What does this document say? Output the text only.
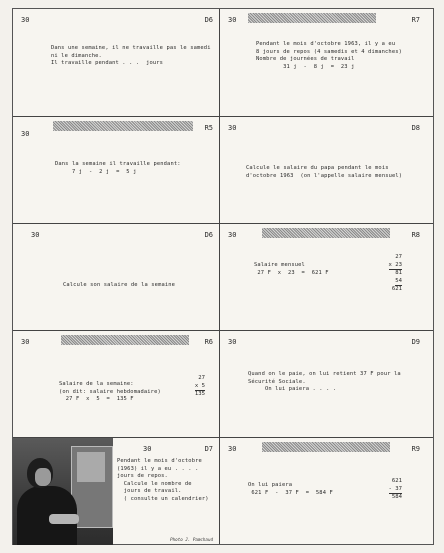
30	D6
Dans une semaine, il ne travaille pas le samedi
ni le dimanche.
Il travaille pendant . . .  jours
30	R7
Pendant le mois d'octobre 1963, il y a eu
8 jours de repos (4 samedis et 4 dimanches)
Nombre de journées de travail
31 j  -  8 j  =  23 j
30
R5
Dans la semaine il travaille pendant:
7 j  -  2 j  =  5 j
30	D8
Calcule le salaire du papa pendant le mois
d'octobre 1963  (on l'appelle salaire mensuel)
30	D6
Calcule son salaire de la semaine
30	R8
Salaire mensuel
27 F  x  23  =  621 F
27
x 23
81
54
621
30	R6
Salaire de la semaine:
(on dit: salaire hebdomadaire)
27 F  x  5  =  135 F
27
x 5
135
30	D9
Quand on le paie, on lui retient 37 F pour la
Sécurité Sociale.
On lui paiera . . . .
30	D7
Pendant le mois d'octobre
(1963) il y a eu . . . .
jours de repos.
Calcule le nombre de
jours de travail.
( consulte un calendrier)
Photo J. Pamchaud
30	R9
On lui paiera
621 F  -  37 F  =  584 F
621
- 37
584
